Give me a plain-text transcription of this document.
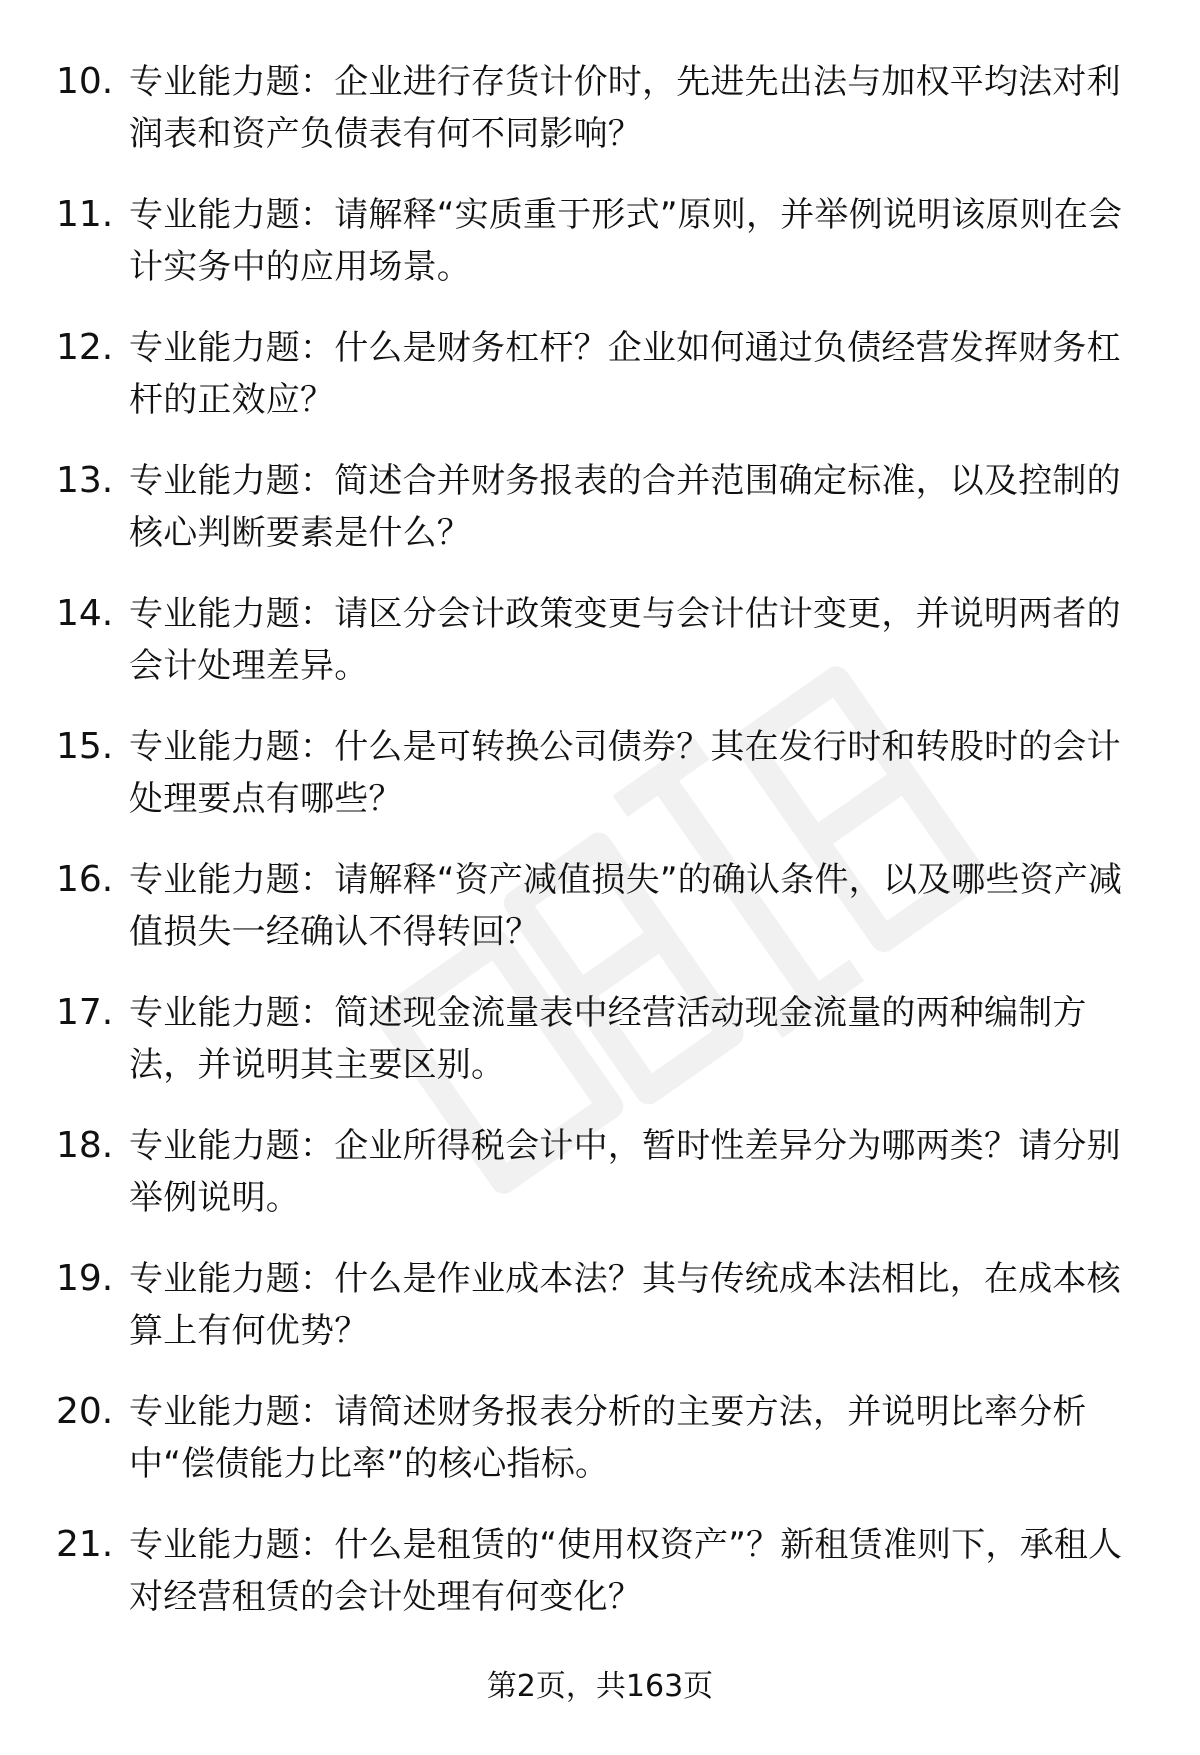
10. 专业能力题：企业进行存货计价时，先进先出法与加权平均法对利润表和资产负债表有何不同影响？
11. 专业能力题：请解释“实质重于形式”原则，并举例说明该原则在会计实务中的应用场景。
12. 专业能力题：什么是财务杠杆？企业如何通过负债经营发挥财务杠杆的正效应？
13. 专业能力题：简述合并财务报表的合并范围确定标准，以及控制的核心判断要素是什么？
14. 专业能力题：请区分会计政策变更与会计估计变更，并说明两者的会计处理差异。
15. 专业能力题：什么是可转换公司债券？其在发行时和转股时的会计处理要点有哪些？
16. 专业能力题：请解释“资产减值损失”的确认条件，以及哪些资产减值损失一经确认不得转回？
17. 专业能力题：简述现金流量表中经营活动现金流量的两种编制方法，并说明其主要区别。
18. 专业能力题：企业所得税会计中，暂时性差异分为哪两类？请分别举例说明。
19. 专业能力题：什么是作业成本法？其与传统成本法相比，在成本核算上有何优势？
20. 专业能力题：请简述财务报表分析的主要方法，并说明比率分析中“偿债能力比率”的核心指标。
21. 专业能力题：什么是租赁的“使用权资产”？新租赁准则下，承租人对经营租赁的会计处理有何变化？
第2页，共163页
